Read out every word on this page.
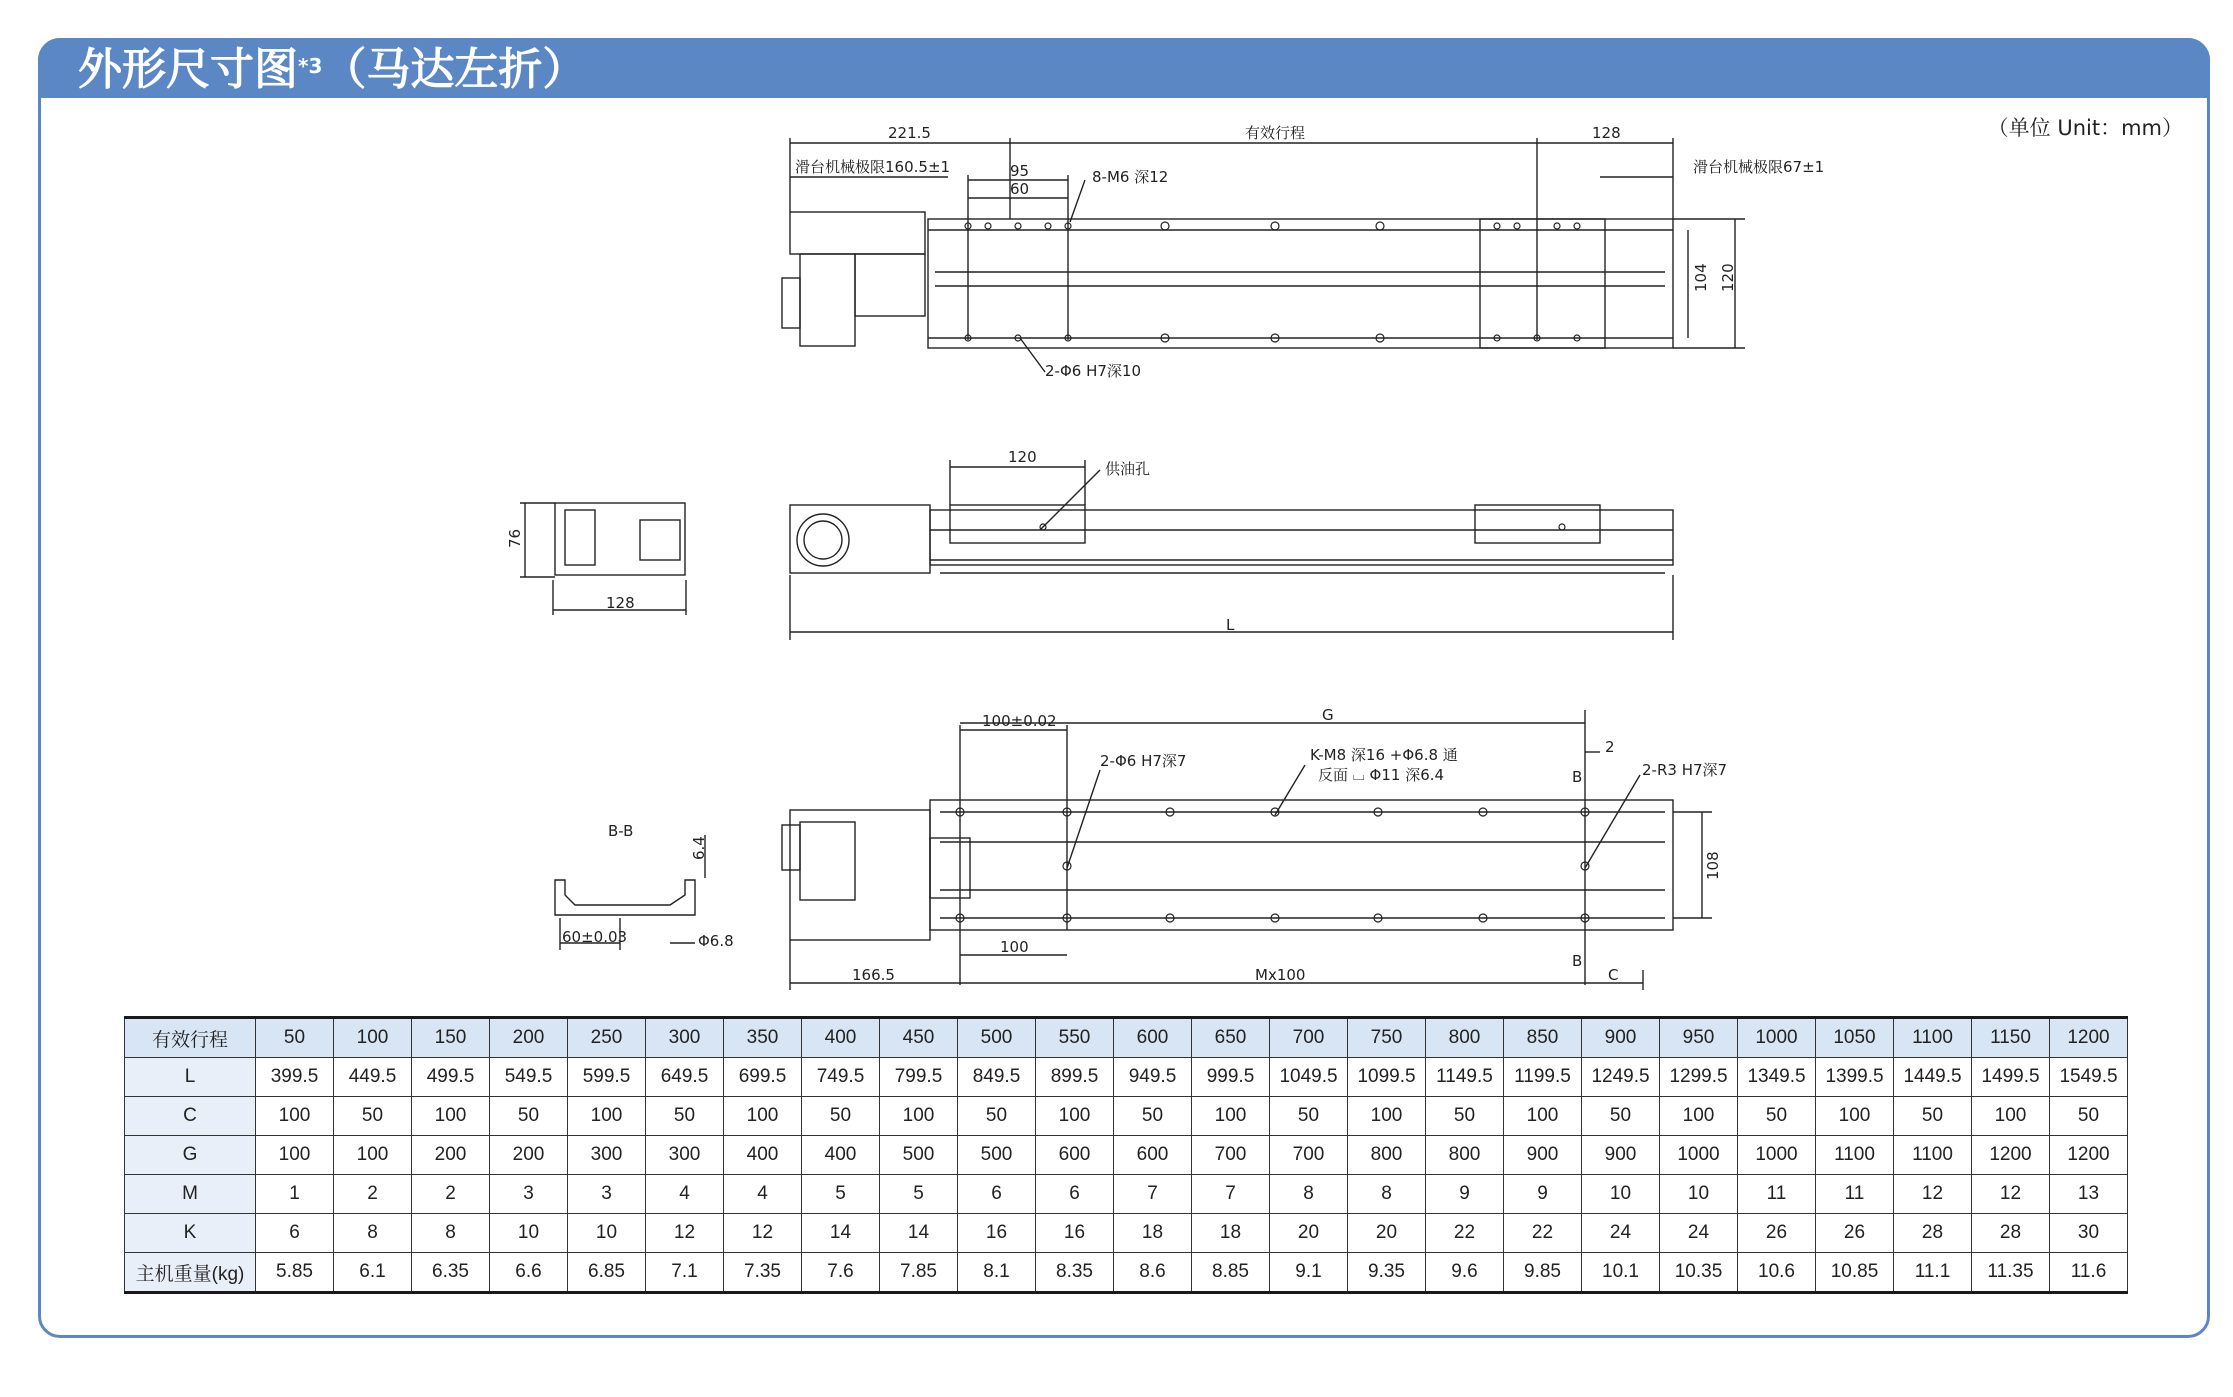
外形尺寸图$^{*3}$（马达左折）
（单位 Unit：mm）
221.5	有效行程	128
滑台机械极限160.5±1	滑台机械极限67±1
95
60
8-M6 深12
104 120
2-Φ6 H7深10
120
供油孔
76
128
L
100±0.02	G
2
2-Φ6 H7深7	K-M8 深16 +Φ6.8 通
反面 ⌴ Φ11 深6.4	2-R3 H7深7
B
B
108
B-B
6.4
60±0.03	Φ6.8	100
166.5	Mx100	C
有效行程	50	100	150	200	250	300	350	400	450	500	550	600	650	700	750	800	850	900	950	1000	1050	1100	1150	1200
L	399.5	449.5	499.5	549.5	599.5	649.5	699.5	749.5	799.5	849.5	899.5	949.5	999.5	1049.5	1099.5	1149.5	1199.5	1249.5	1299.5	1349.5	1399.5	1449.5	1499.5	1549.5
C	100	50	100	50	100	50	100	50	100	50	100	50	100	50	100	50	100	50	100	50	100	50	100	50
G	100	100	200	200	300	300	400	400	500	500	600	600	700	700	800	800	900	900	1000	1000	1100	1100	1200	1200
M	1	2	2	3	3	4	4	5	5	6	6	7	7	8	8	9	9	10	10	11	11	12	12	13
K	6	8	8	10	10	12	12	14	14	16	16	18	18	20	20	22	22	24	24	26	26	28	28	30
主机重量(kg)	5.85	6.1	6.35	6.6	6.85	7.1	7.35	7.6	7.85	8.1	8.35	8.6	8.85	9.1	9.35	9.6	9.85	10.1	10.35	10.6	10.85	11.1	11.35	11.6
